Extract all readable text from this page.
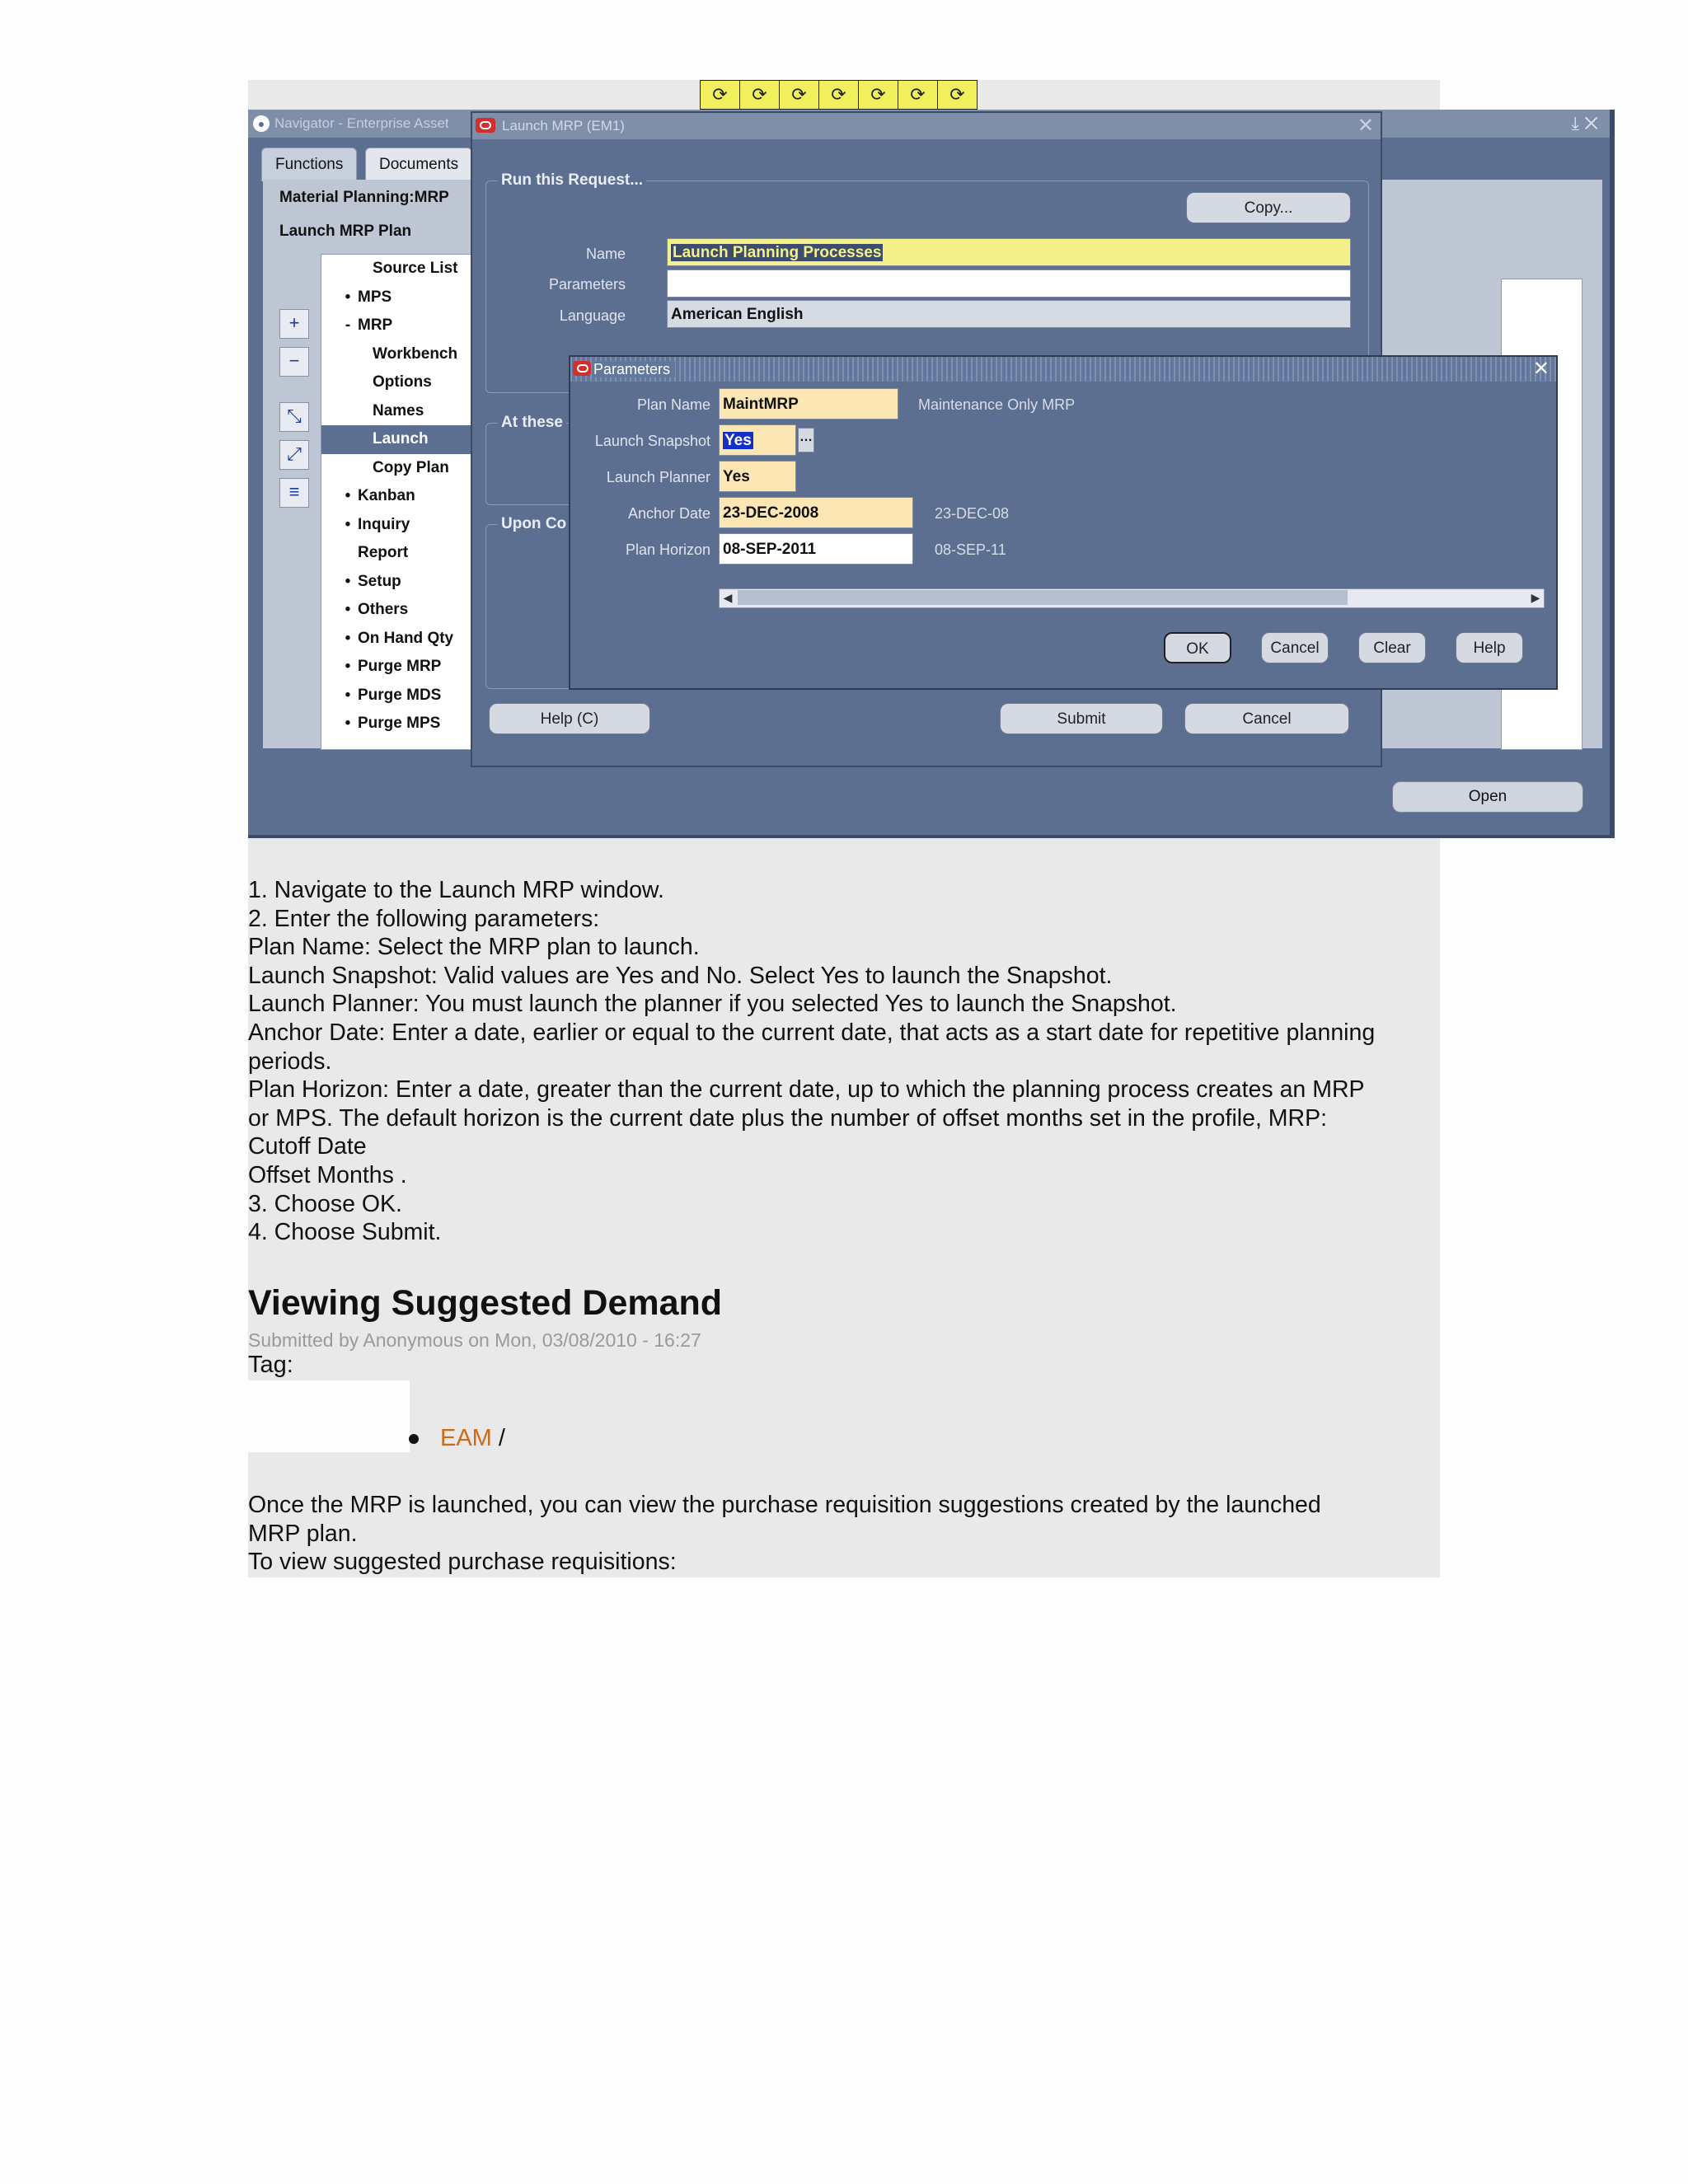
⟳	⟳	⟳	⟳	⟳	⟳	⟳
● Navigator - Enterprise Asset	⤓ ✕
Functions	Documents
Material Planning:MRP
Launch MRP Plan
Source List
• MPS
- MRP
Workbench
Options
Names
Launch
Copy Plan
• Kanban
• Inquiry
Report
• Setup
• Others
• On Hand Qty
• Purge MRP
• Purge MDS
• Purge MPS
+
−
⤡
⤢
≡
Open
Launch MRP (EM1)	✕
Run this Request...
Copy...
Name	Launch Planning Processes
Parameters
Language	American English
At these
Upon Co
Help (C)	Submit	Cancel
Parameters	✕
Plan Name MaintMRP	Maintenance Only MRP
Launch Snapshot Yes	…
Launch Planner Yes
Anchor Date 23-DEC-2008	23-DEC-08
Plan Horizon 08-SEP-2011	08-SEP-11
◀	▶
OK	Cancel	Clear	Help
1. Navigate to the Launch MRP window.
2. Enter the following parameters:
Plan Name: Select the MRP plan to launch.
Launch Snapshot: Valid values are Yes and No. Select Yes to launch the Snapshot.
Launch Planner: You must launch the planner if you selected Yes to launch the Snapshot.
Anchor Date: Enter a date, earlier or equal to the current date, that acts as a start date for repetitive planning
periods.
Plan Horizon: Enter a date, greater than the current date, up to which the planning process creates an MRP
or MPS. The default horizon is the current date plus the number of offset months set in the profile, MRP:
Cutoff Date
Offset Months .
3. Choose OK.
4. Choose Submit.
Viewing Suggested Demand
Submitted by Anonymous on Mon, 03/08/2010 - 16:27
Tag:
EAM /
Once the MRP is launched, you can view the purchase requisition suggestions created by the launched
MRP plan.
To view suggested purchase requisitions:
